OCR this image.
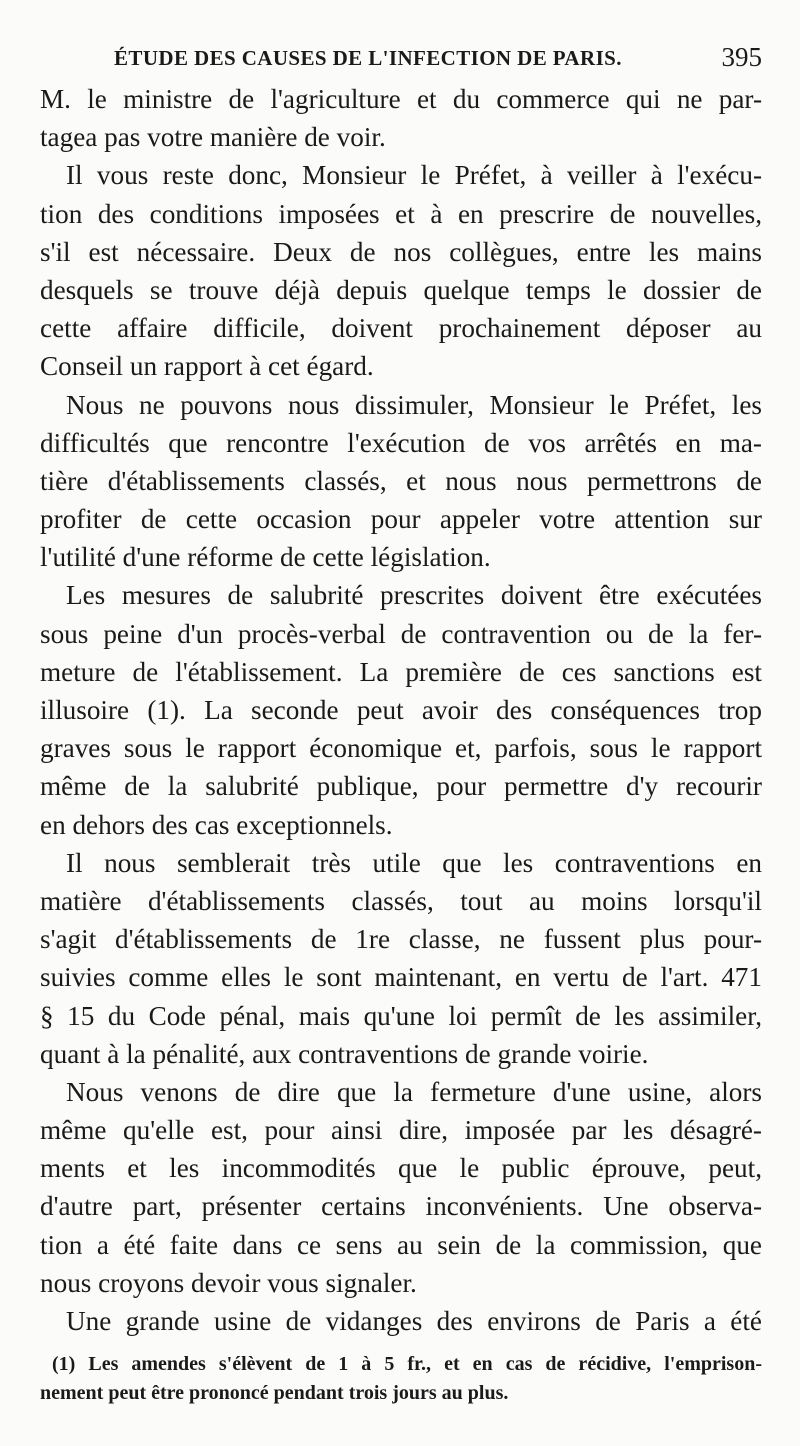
ÉTUDE DES CAUSES DE L'INFECTION DE PARIS.	395
M. le ministre de l'agriculture et du commerce qui ne par-
tagea pas votre manière de voir.
Il vous reste donc, Monsieur le Préfet, à veiller à l'exécu-
tion des conditions imposées et à en prescrire de nouvelles,
s'il est nécessaire. Deux de nos collègues, entre les mains
desquels se trouve déjà depuis quelque temps le dossier de
cette affaire difficile, doivent prochainement déposer au
Conseil un rapport à cet égard.
Nous ne pouvons nous dissimuler, Monsieur le Préfet, les
difficultés que rencontre l'exécution de vos arrêtés en ma-
tière d'établissements classés, et nous nous permettrons de
profiter de cette occasion pour appeler votre attention sur
l'utilité d'une réforme de cette législation.
Les mesures de salubrité prescrites doivent être exécutées
sous peine d'un procès-verbal de contravention ou de la fer-
meture de l'établissement. La première de ces sanctions est
illusoire (1). La seconde peut avoir des conséquences trop
graves sous le rapport économique et, parfois, sous le rapport
même de la salubrité publique, pour permettre d'y recourir
en dehors des cas exceptionnels.
Il nous semblerait très utile que les contraventions en
matière d'établissements classés, tout au moins lorsqu'il
s'agit d'établissements de 1re classe, ne fussent plus pour-
suivies comme elles le sont maintenant, en vertu de l'art. 471
§ 15 du Code pénal, mais qu'une loi permît de les assimiler,
quant à la pénalité, aux contraventions de grande voirie.
Nous venons de dire que la fermeture d'une usine, alors
même qu'elle est, pour ainsi dire, imposée par les désagré-
ments et les incommodités que le public éprouve, peut,
d'autre part, présenter certains inconvénients. Une observa-
tion a été faite dans ce sens au sein de la commission, que
nous croyons devoir vous signaler.
Une grande usine de vidanges des environs de Paris a été
(1) Les amendes s'élèvent de 1 à 5 fr., et en cas de récidive, l'emprison-
nement peut être prononcé pendant trois jours au plus.
